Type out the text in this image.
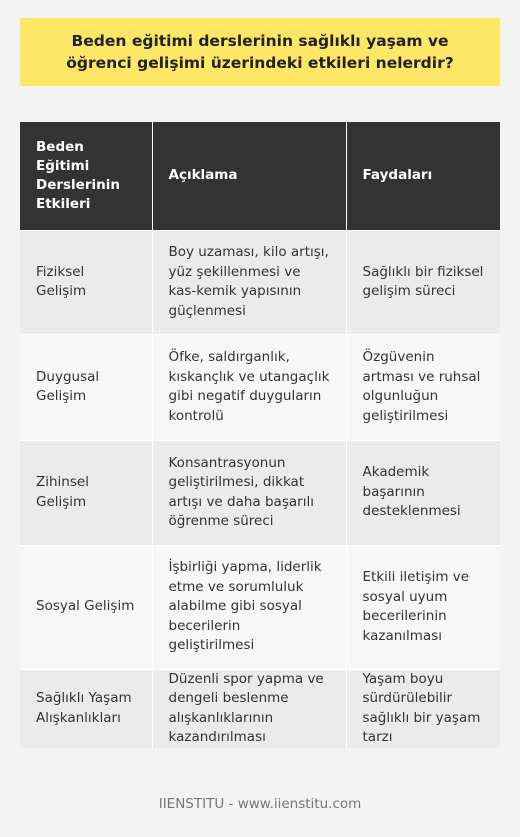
Beden eğitimi derslerinin sağlıklı yaşam ve öğrenci gelişimi üzerindeki etkileri nelerdir?
Beden Eğitimi Derslerinin Etkileri	Açıklama	Faydaları
Fiziksel Gelişim	Boy uzaması, kilo artışı, yüz şekillenmesi ve kas-kemik yapısının güçlenmesi	Sağlıklı bir fiziksel gelişim süreci
Duygusal Gelişim	Öfke, saldırganlık, kıskançlık ve utangaçlık gibi negatif duyguların kontrolü	Özgüvenin artması ve ruhsal olgunluğun geliştirilmesi
Zihinsel Gelişim	Konsantrasyonun geliştirilmesi, dikkat artışı ve daha başarılı öğrenme süreci	Akademik başarının desteklenmesi
Sosyal Gelişim	İşbirliği yapma, liderlik etme ve sorumluluk alabilme gibi sosyal becerilerin geliştirilmesi	Etkili iletişim ve sosyal uyum becerilerinin kazanılması
Sağlıklı Yaşam Alışkanlıkları	Düzenli spor yapma ve dengeli beslenme alışkanlıklarının kazandırılması	Yaşam boyu sürdürülebilir sağlıklı bir yaşam tarzı
IIENSTITU - www.iienstitu.com
